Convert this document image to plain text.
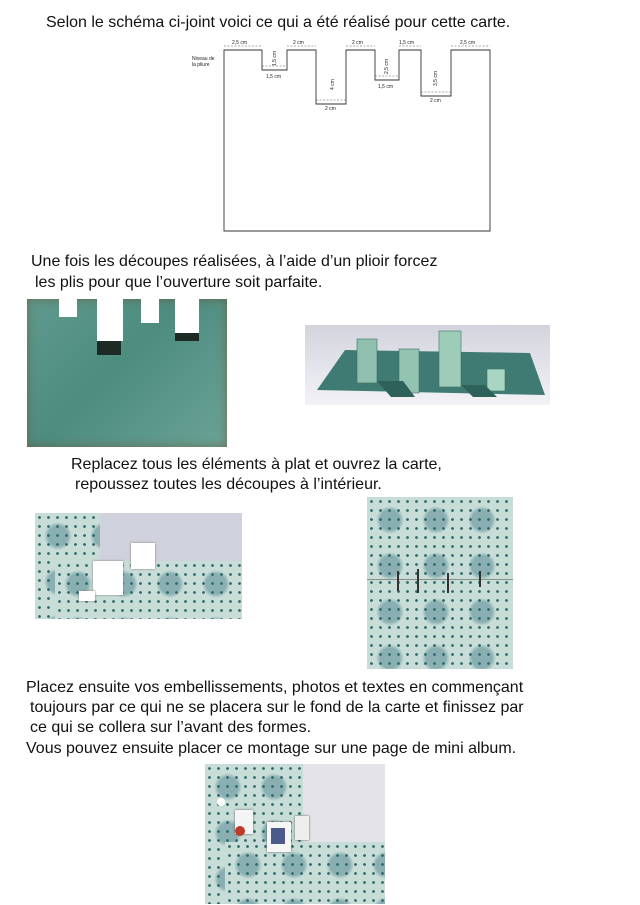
Selon le schéma ci-joint voici ce qui a été réalisé pour cette carte.
Niveau de
la pliure
2,5 cm	2 cm	2 cm	1,5 cm	2,5 cm
1,5 cm
4 cm
2,5 cm
3,5 cm
1,5 cm
2 cm
1,5 cm
2 cm
Une fois les découpes réalisées, à l’aide d’un plioir forcez
les plis pour que l’ouverture soit parfaite.
Replacez tous les éléments à plat et ouvrez la carte,
repoussez toutes les découpes à l’intérieur.
Placez ensuite vos embellissements, photos et textes en commençant
toujours par ce qui ne se placera sur le fond de la carte et finissez par
ce qui se collera sur l’avant des formes.
Vous pouvez ensuite placer ce montage sur une page de mini album.
